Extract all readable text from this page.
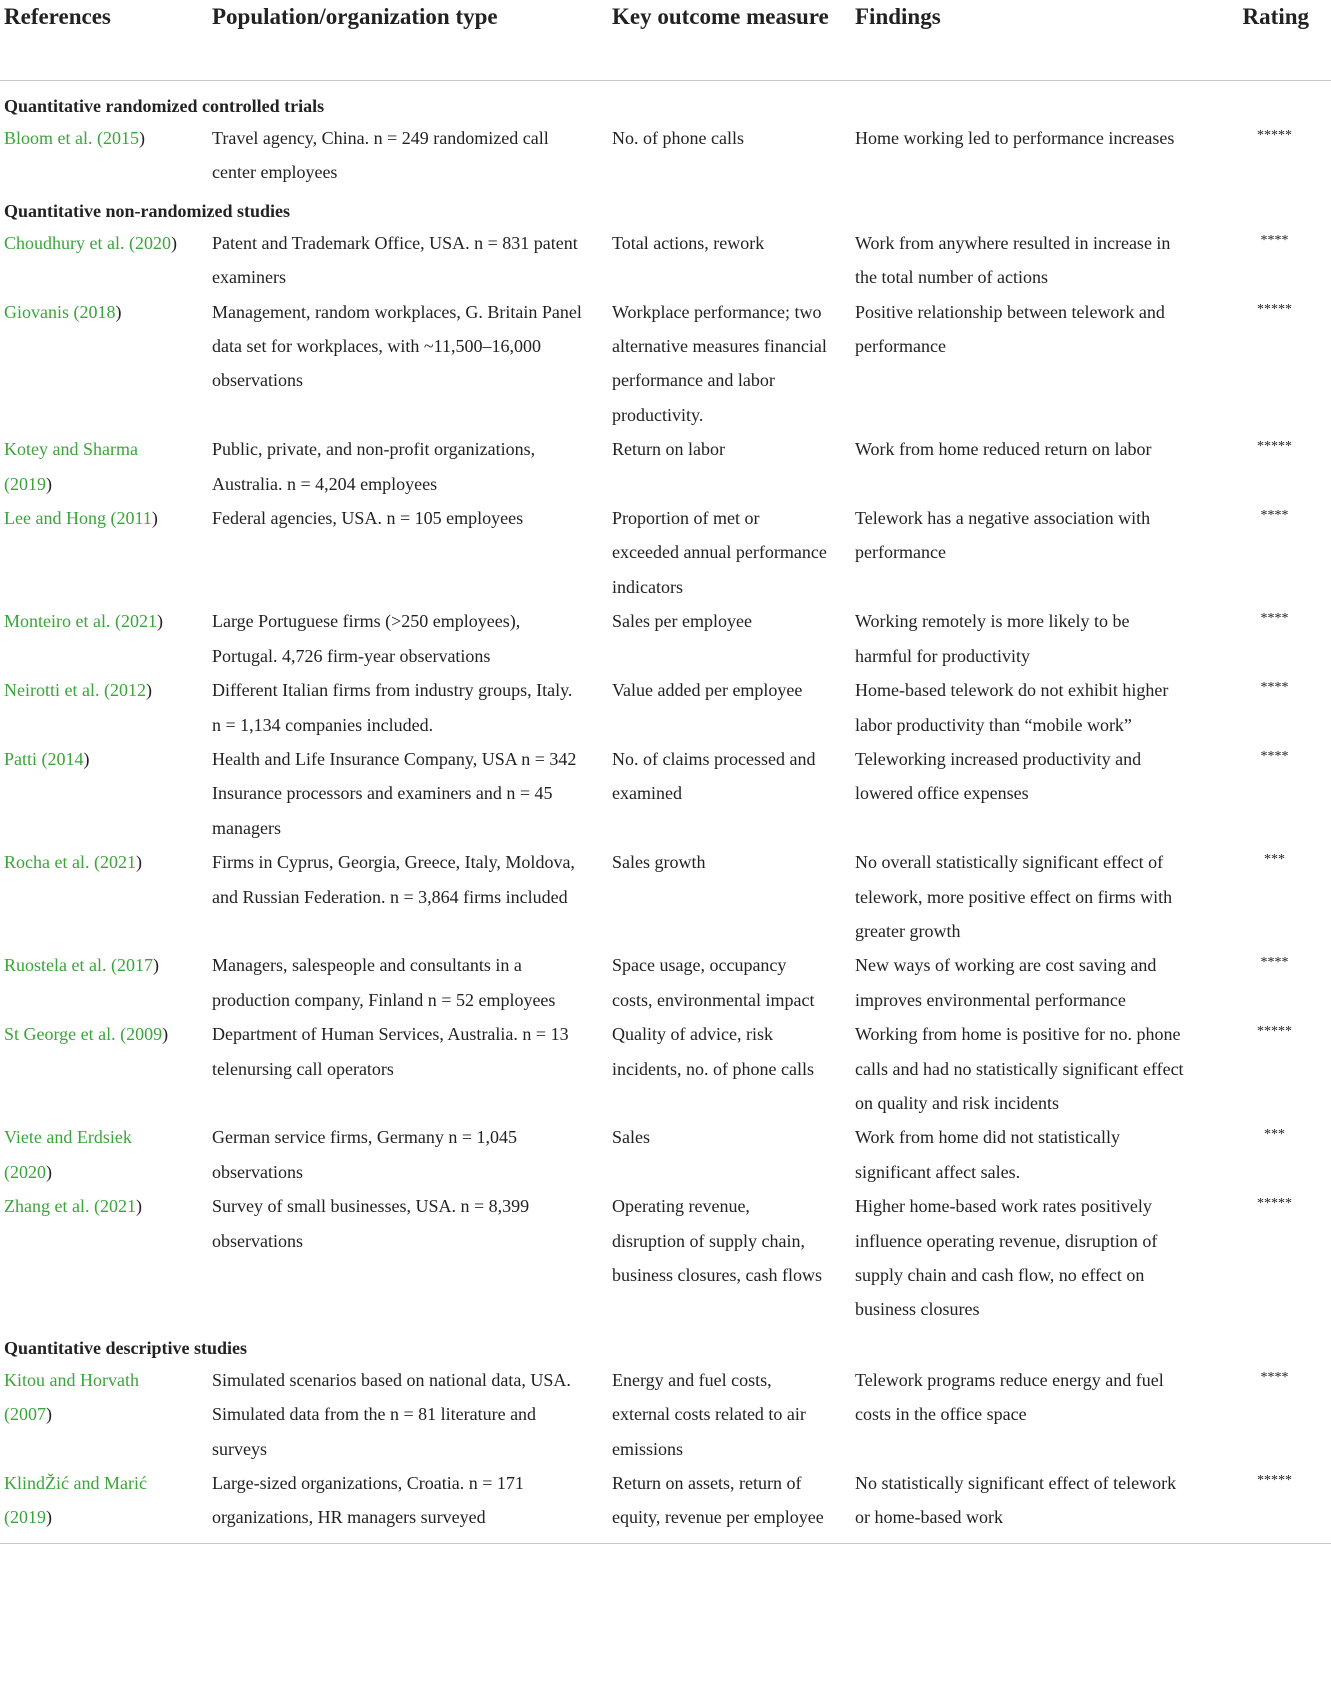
References	Population/organization type	Key outcome measure	Findings	Rating
Quantitative randomized controlled trials				
Bloom et al. (2015)	Travel agency, China. n = 249 randomized call center employees	No. of phone calls	Home working led to performance increases	*****
Quantitative non-randomized studies				
Choudhury et al. (2020)	Patent and Trademark Office, USA. n = 831 patent examiners	Total actions, rework	Work from anywhere resulted in increase in the total number of actions	****
Giovanis (2018)	Management, random workplaces, G. Britain Panel data set for workplaces, with ~11,500–16,000 observations	Workplace performance; two alternative measures financial performance and labor productivity.	Positive relationship between telework and performance	*****
Kotey and Sharma (2019)	Public, private, and non-profit organizations, Australia. n = 4,204 employees	Return on labor	Work from home reduced return on labor	*****
Lee and Hong (2011)	Federal agencies, USA. n = 105 employees	Proportion of met or exceeded annual performance indicators	Telework has a negative association with performance	****
Monteiro et al. (2021)	Large Portuguese firms (>250 employees), Portugal. 4,726 firm-year observations	Sales per employee	Working remotely is more likely to be harmful for productivity	****
Neirotti et al. (2012)	Different Italian firms from industry groups, Italy. n = 1,134 companies included.	Value added per employee	Home-based telework do not exhibit higher labor productivity than “mobile work”	****
Patti (2014)	Health and Life Insurance Company, USA n = 342 Insurance processors and examiners and n = 45 managers	No. of claims processed and examined	Teleworking increased productivity and lowered office expenses	****
Rocha et al. (2021)	Firms in Cyprus, Georgia, Greece, Italy, Moldova, and Russian Federation. n = 3,864 firms included	Sales growth	No overall statistically significant effect of telework, more positive effect on firms with greater growth	***
Ruostela et al. (2017)	Managers, salespeople and consultants in a production company, Finland n = 52 employees	Space usage, occupancy costs, environmental impact	New ways of working are cost saving and improves environmental performance	****
St George et al. (2009)	Department of Human Services, Australia. n = 13 telenursing call operators	Quality of advice, risk incidents, no. of phone calls	Working from home is positive for no. phone calls and had no statistically significant effect on quality and risk incidents	*****
Viete and Erdsiek (2020)	German service firms, Germany n = 1,045 observations	Sales	Work from home did not statistically significant affect sales.	***
Zhang et al. (2021)	Survey of small businesses, USA. n = 8,399 observations	Operating revenue, disruption of supply chain, business closures, cash flows	Higher home-based work rates positively influence operating revenue, disruption of supply chain and cash flow, no effect on business closures	*****
Quantitative descriptive studies				
Kitou and Horvath (2007)	Simulated scenarios based on national data, USA. Simulated data from the n = 81 literature and surveys	Energy and fuel costs, external costs related to air emissions	Telework programs reduce energy and fuel costs in the office space	****
KlindŽić and Marić (2019)	Large-sized organizations, Croatia. n = 171 organizations, HR managers surveyed	Return on assets, return of equity, revenue per employee	No statistically significant effect of telework or home-based work	*****
